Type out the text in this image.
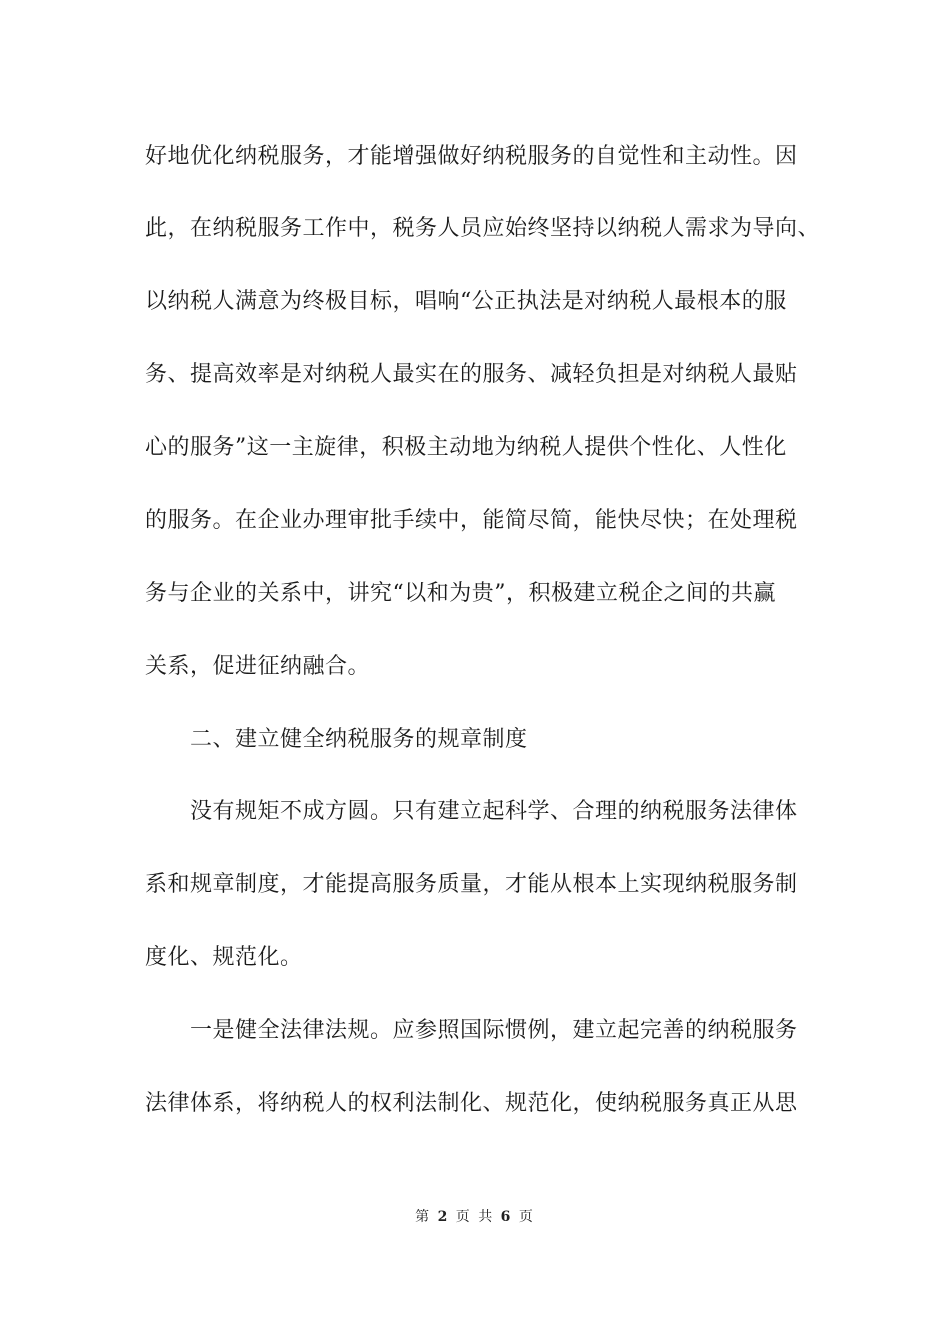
好地优化纳税服务，才能增强做好纳税服务的自觉性和主动性。因
此，在纳税服务工作中，税务人员应始终坚持以纳税人需求为导向、
以纳税人满意为终极目标，唱响“公正执法是对纳税人最根本的服
务、提高效率是对纳税人最实在的服务、减轻负担是对纳税人最贴
心的服务”这一主旋律，积极主动地为纳税人提供个性化、人性化
的服务。在企业办理审批手续中，能简尽简，能快尽快；在处理税
务与企业的关系中，讲究“以和为贵”，积极建立税企之间的共赢
关系，促进征纳融合。
二、建立健全纳税服务的规章制度
没有规矩不成方圆。只有建立起科学、合理的纳税服务法律体
系和规章制度，才能提高服务质量，才能从根本上实现纳税服务制
度化、规范化。
一是健全法律法规。应参照国际惯例，建立起完善的纳税服务
法律体系，将纳税人的权利法制化、规范化，使纳税服务真正从思
第 2 页 共 6 页
